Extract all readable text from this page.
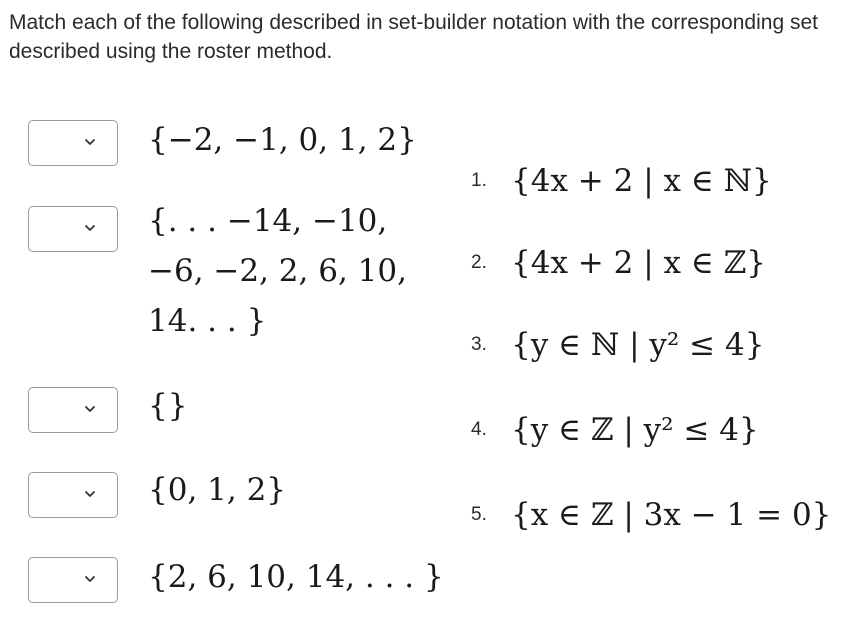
Match each of the following described in set-builder notation with the corresponding set described using the roster method.
{−2, −1, 0, 1, 2}
{. . . −14, −10,
−6, −2, 2, 6, 10,
14. . . }
{}
{0, 1, 2}
{2, 6, 10, 14, . . . }
1. {4x + 2 | x ∈ ℕ}
2. {4x + 2 | x ∈ ℤ}
3. {y ∈ ℕ | y² ≤ 4}
4. {y ∈ ℤ | y² ≤ 4}
5. {x ∈ ℤ | 3x − 1 = 0}
